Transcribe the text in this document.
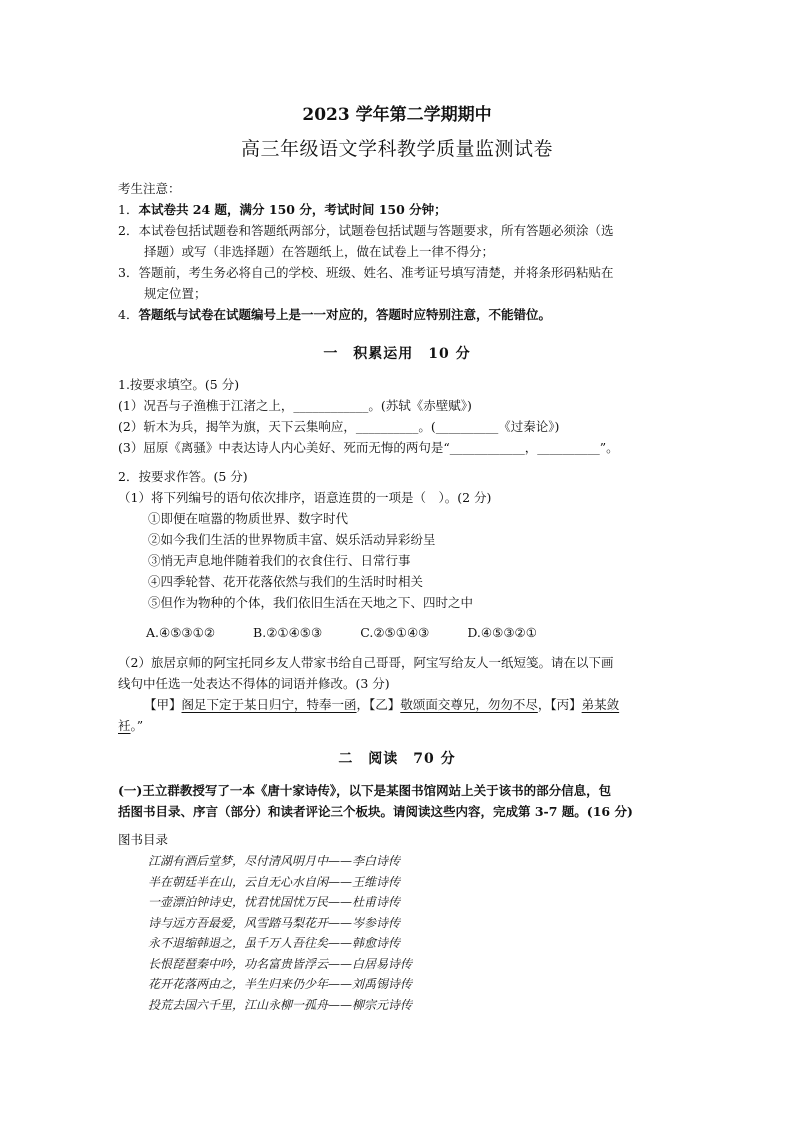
2023 学年第二学期期中
高三年级语文学科教学质量监测试卷
考生注意：
1．本试卷共 24 题，满分 150 分，考试时间 150 分钟；
2．本试卷包括试题卷和答题纸两部分，试题卷包括试题与答题要求，所有答题必须涂（选
择题）或写（非选择题）在答题纸上，做在试卷上一律不得分；
3．答题前，考生务必将自己的学校、班级、姓名、准考证号填写清楚，并将条形码粘贴在
规定位置；
4．答题纸与试卷在试题编号上是一一对应的，答题时应特别注意，不能错位。
一　积累运用　10 分
1.按要求填空。(5 分)
(1）况吾与子渔樵于江渚之上，____________。(苏轼《赤壁赋》)
(2）斩木为兵，揭竿为旗，天下云集响应，__________。(__________《过秦论》)
(3）屈原《离骚》中表达诗人内心美好、死而无悔的两句是“____________，__________”。
2．按要求作答。(5 分)
（1）将下列编号的语句依次排序，语意连贯的一项是（　）。(2 分)
①即便在喧嚣的物质世界、数字时代
②如今我们生活的世界物质丰富、娱乐活动异彩纷呈
③悄无声息地伴随着我们的衣食住行、日常行事
④四季轮替、花开花落依然与我们的生活时时相关
⑤但作为物种的个体，我们依旧生活在天地之下、四时之中
A.④⑤③①②	B.②①④⑤③	C.②⑤①④③	D.④⑤③②①
（2）旅居京师的阿宝托同乡友人带家书给自己哥哥，阿宝写给友人一纸短笺。请在以下画
线句中任选一处表达不得体的词语并修改。(3 分)
【甲】阁足下定于某日归宁，特奉一函，【乙】敬颂面交尊兄，勿勿不尽，【丙】弟某敛
衽。”
二　阅读　70 分
(一)王立群教授写了一本《唐十家诗传》，以下是某图书馆网站上关于该书的部分信息，包
括图书目录、序言（部分）和读者评论三个板块。请阅读这些内容，完成第 3-7 题。(16 分)
图书目录
江湖有酒后堂梦，尽付清风明月中——李白诗传
半在朝廷半在山，云自无心水自闲——王维诗传
一壶漂泊钟诗史，忧君忧国忧万民——杜甫诗传
诗与远方吾最爱，风雪踏马梨花开——岑参诗传
永不退缩韩退之，虽千万人吾往矣——韩愈诗传
长恨琵琶秦中吟，功名富贵皆浮云——白居易诗传
花开花落两由之，半生归来仍少年——刘禹锡诗传
投荒去国六千里，江山永柳一孤舟——柳宗元诗传
